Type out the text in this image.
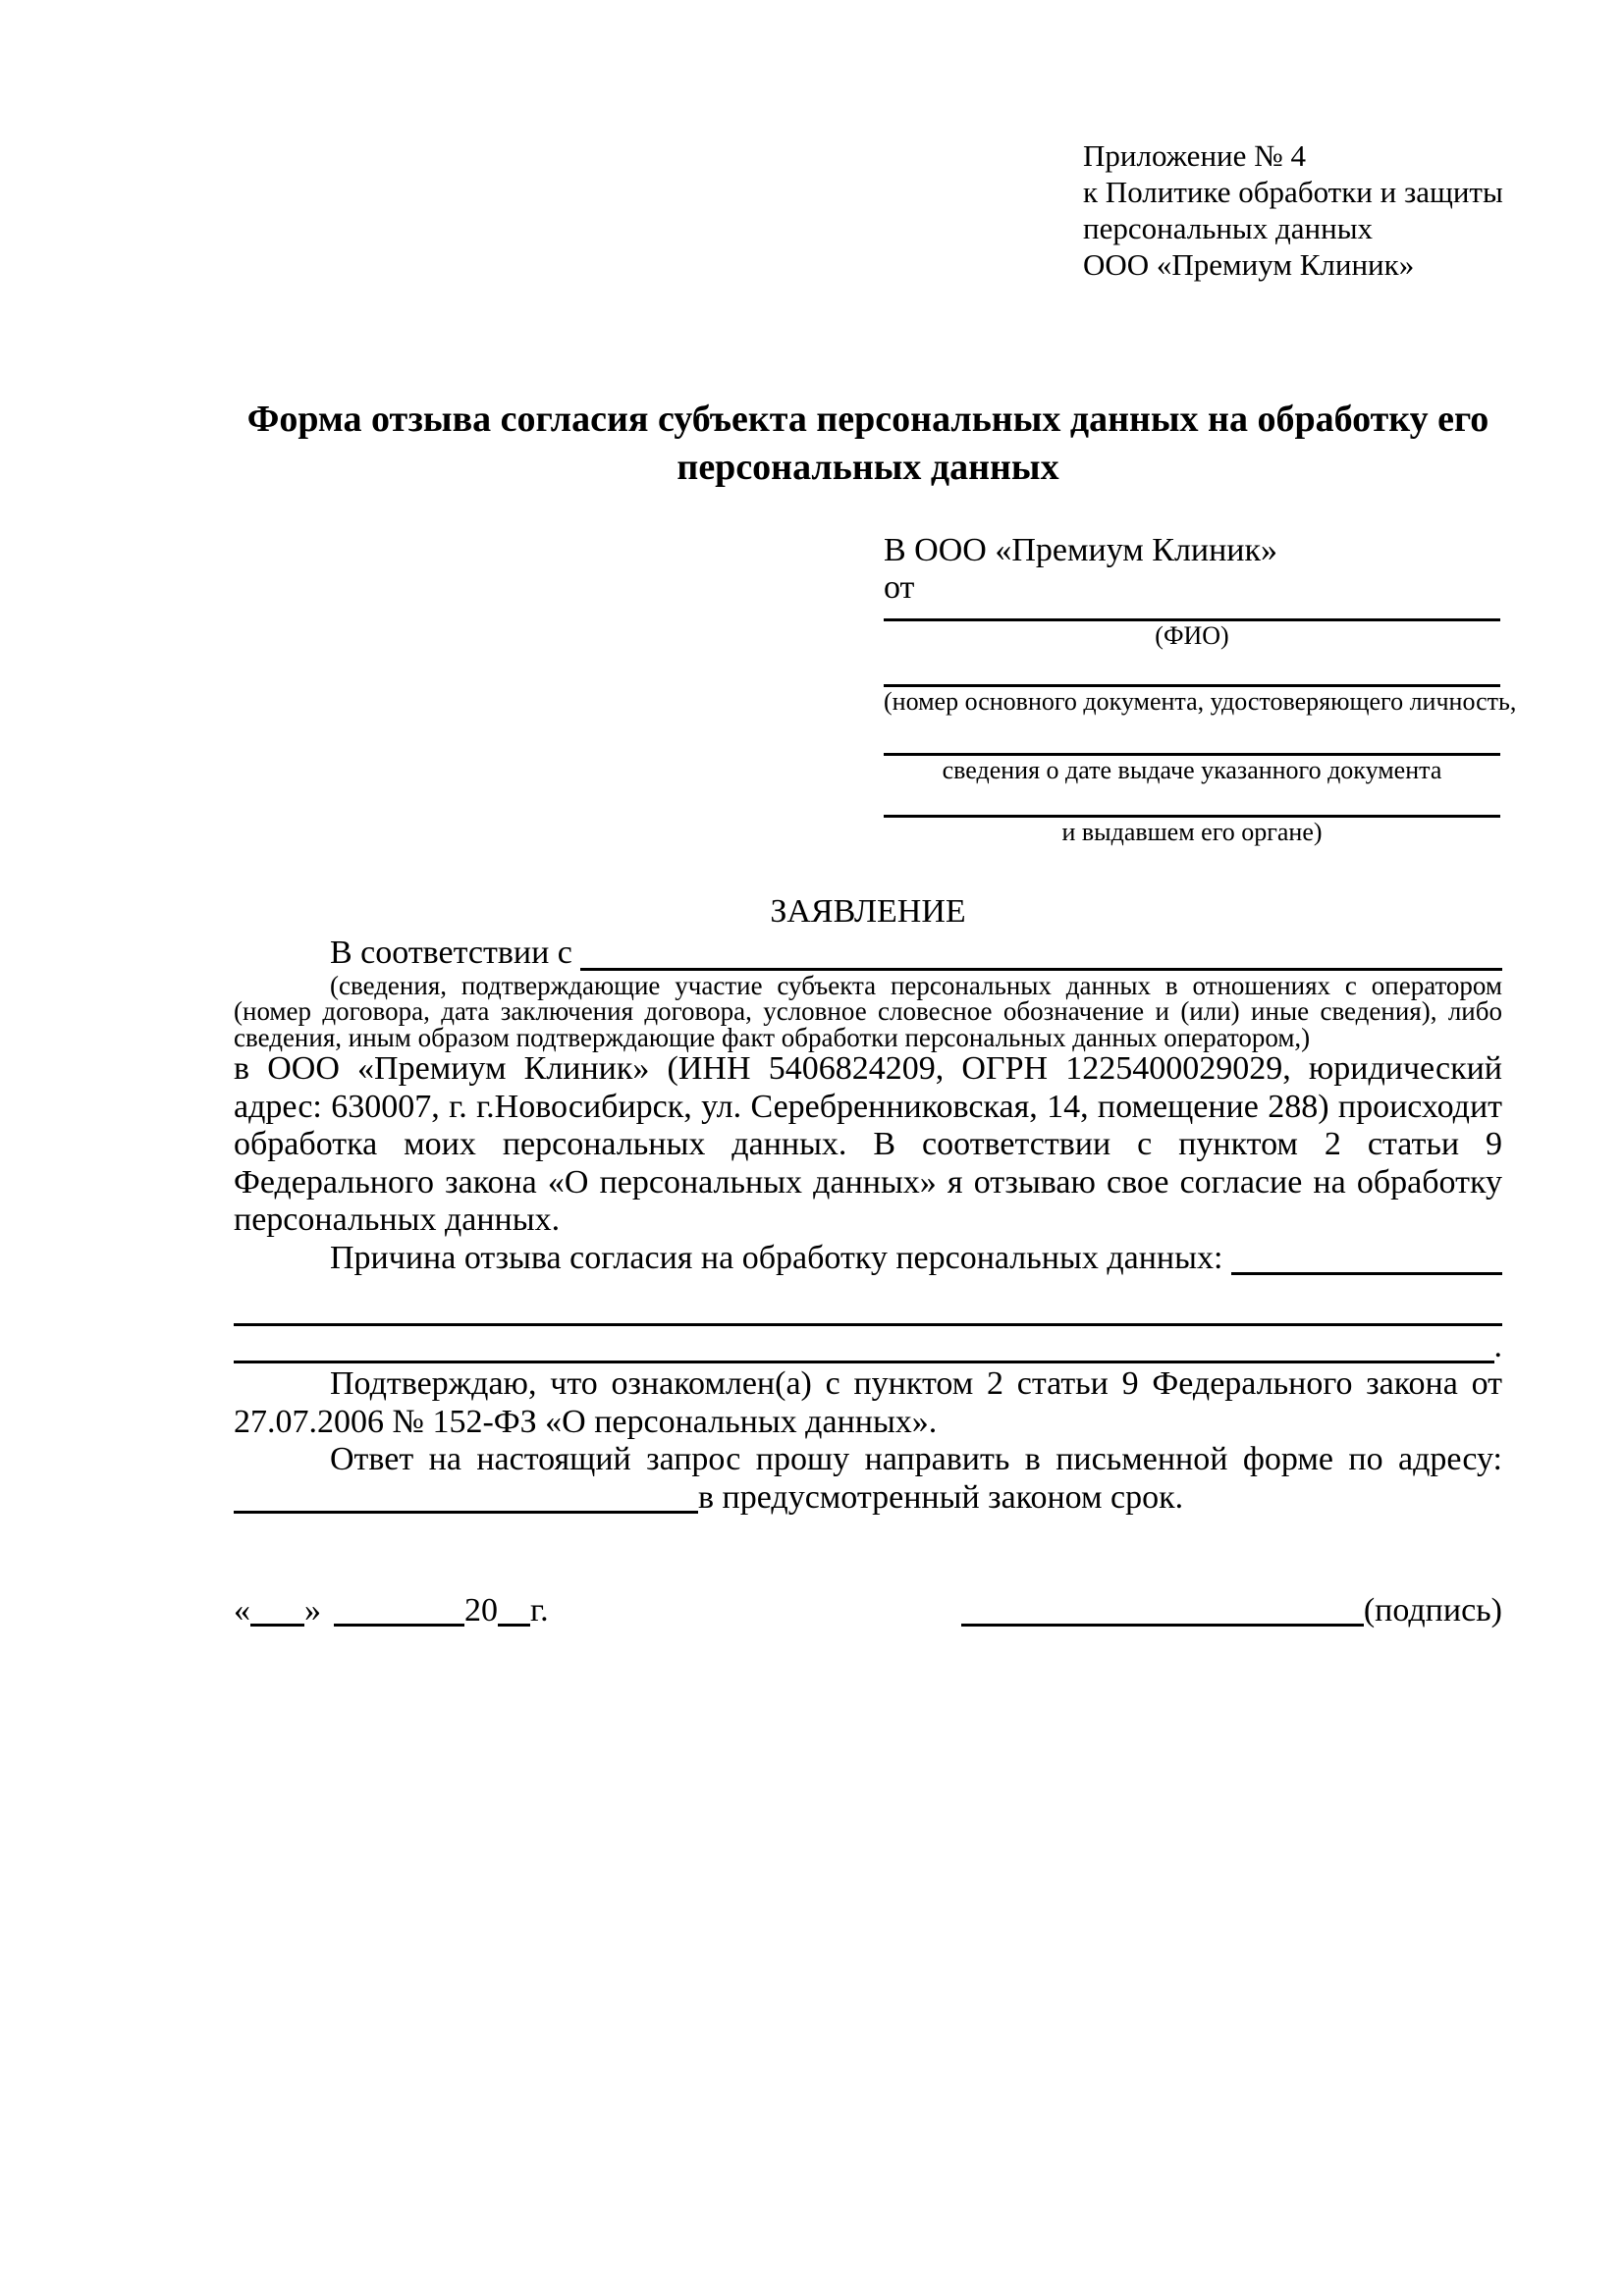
Приложение № 4
к Политике обработки и защиты
персональных данных
ООО «Премиум Клиник»
Форма отзыва согласия субъекта персональных данных на обработку его персональных данных
В ООО «Премиум Клиник»
от
(ФИО)
(номер основного документа, удостоверяющего личность,
сведения о дате выдаче указанного документа
и выдавшем его органе)
ЗАЯВЛЕНИЕ
В соответствии с

(сведения, подтверждающие участие субъекта персональных данных в отношениях с оператором (номер договора, дата заключения договора, условное словесное обозначение и (или) иные сведения), либо сведения, иным образом подтверждающие факт обработки персональных данных оператором,)

в ООО «Премиум Клиник» (ИНН 5406824209, ОГРН 1225400029029, юридический адрес: 630007, г. г.Новосибирск, ул. Серебренниковская, 14, помещение 288) происходит обработка моих персональных данных. В соответствии с пунктом 2 статьи 9 Федерального закона «О персональных данных» я отзываю свое согласие на обработку персональных данных.

Причина отзыва согласия на обработку персональных данных:

.

Подтверждаю, что ознакомлен(а) с пунктом 2 статьи 9 Федерального закона от 27.07.2006 № 152-ФЗ «О персональных данных».

Ответ на настоящий запрос прошу направить в письменной форме по адресу: в предусмотренный законом срок.

« »	20 г.	(подпись)
